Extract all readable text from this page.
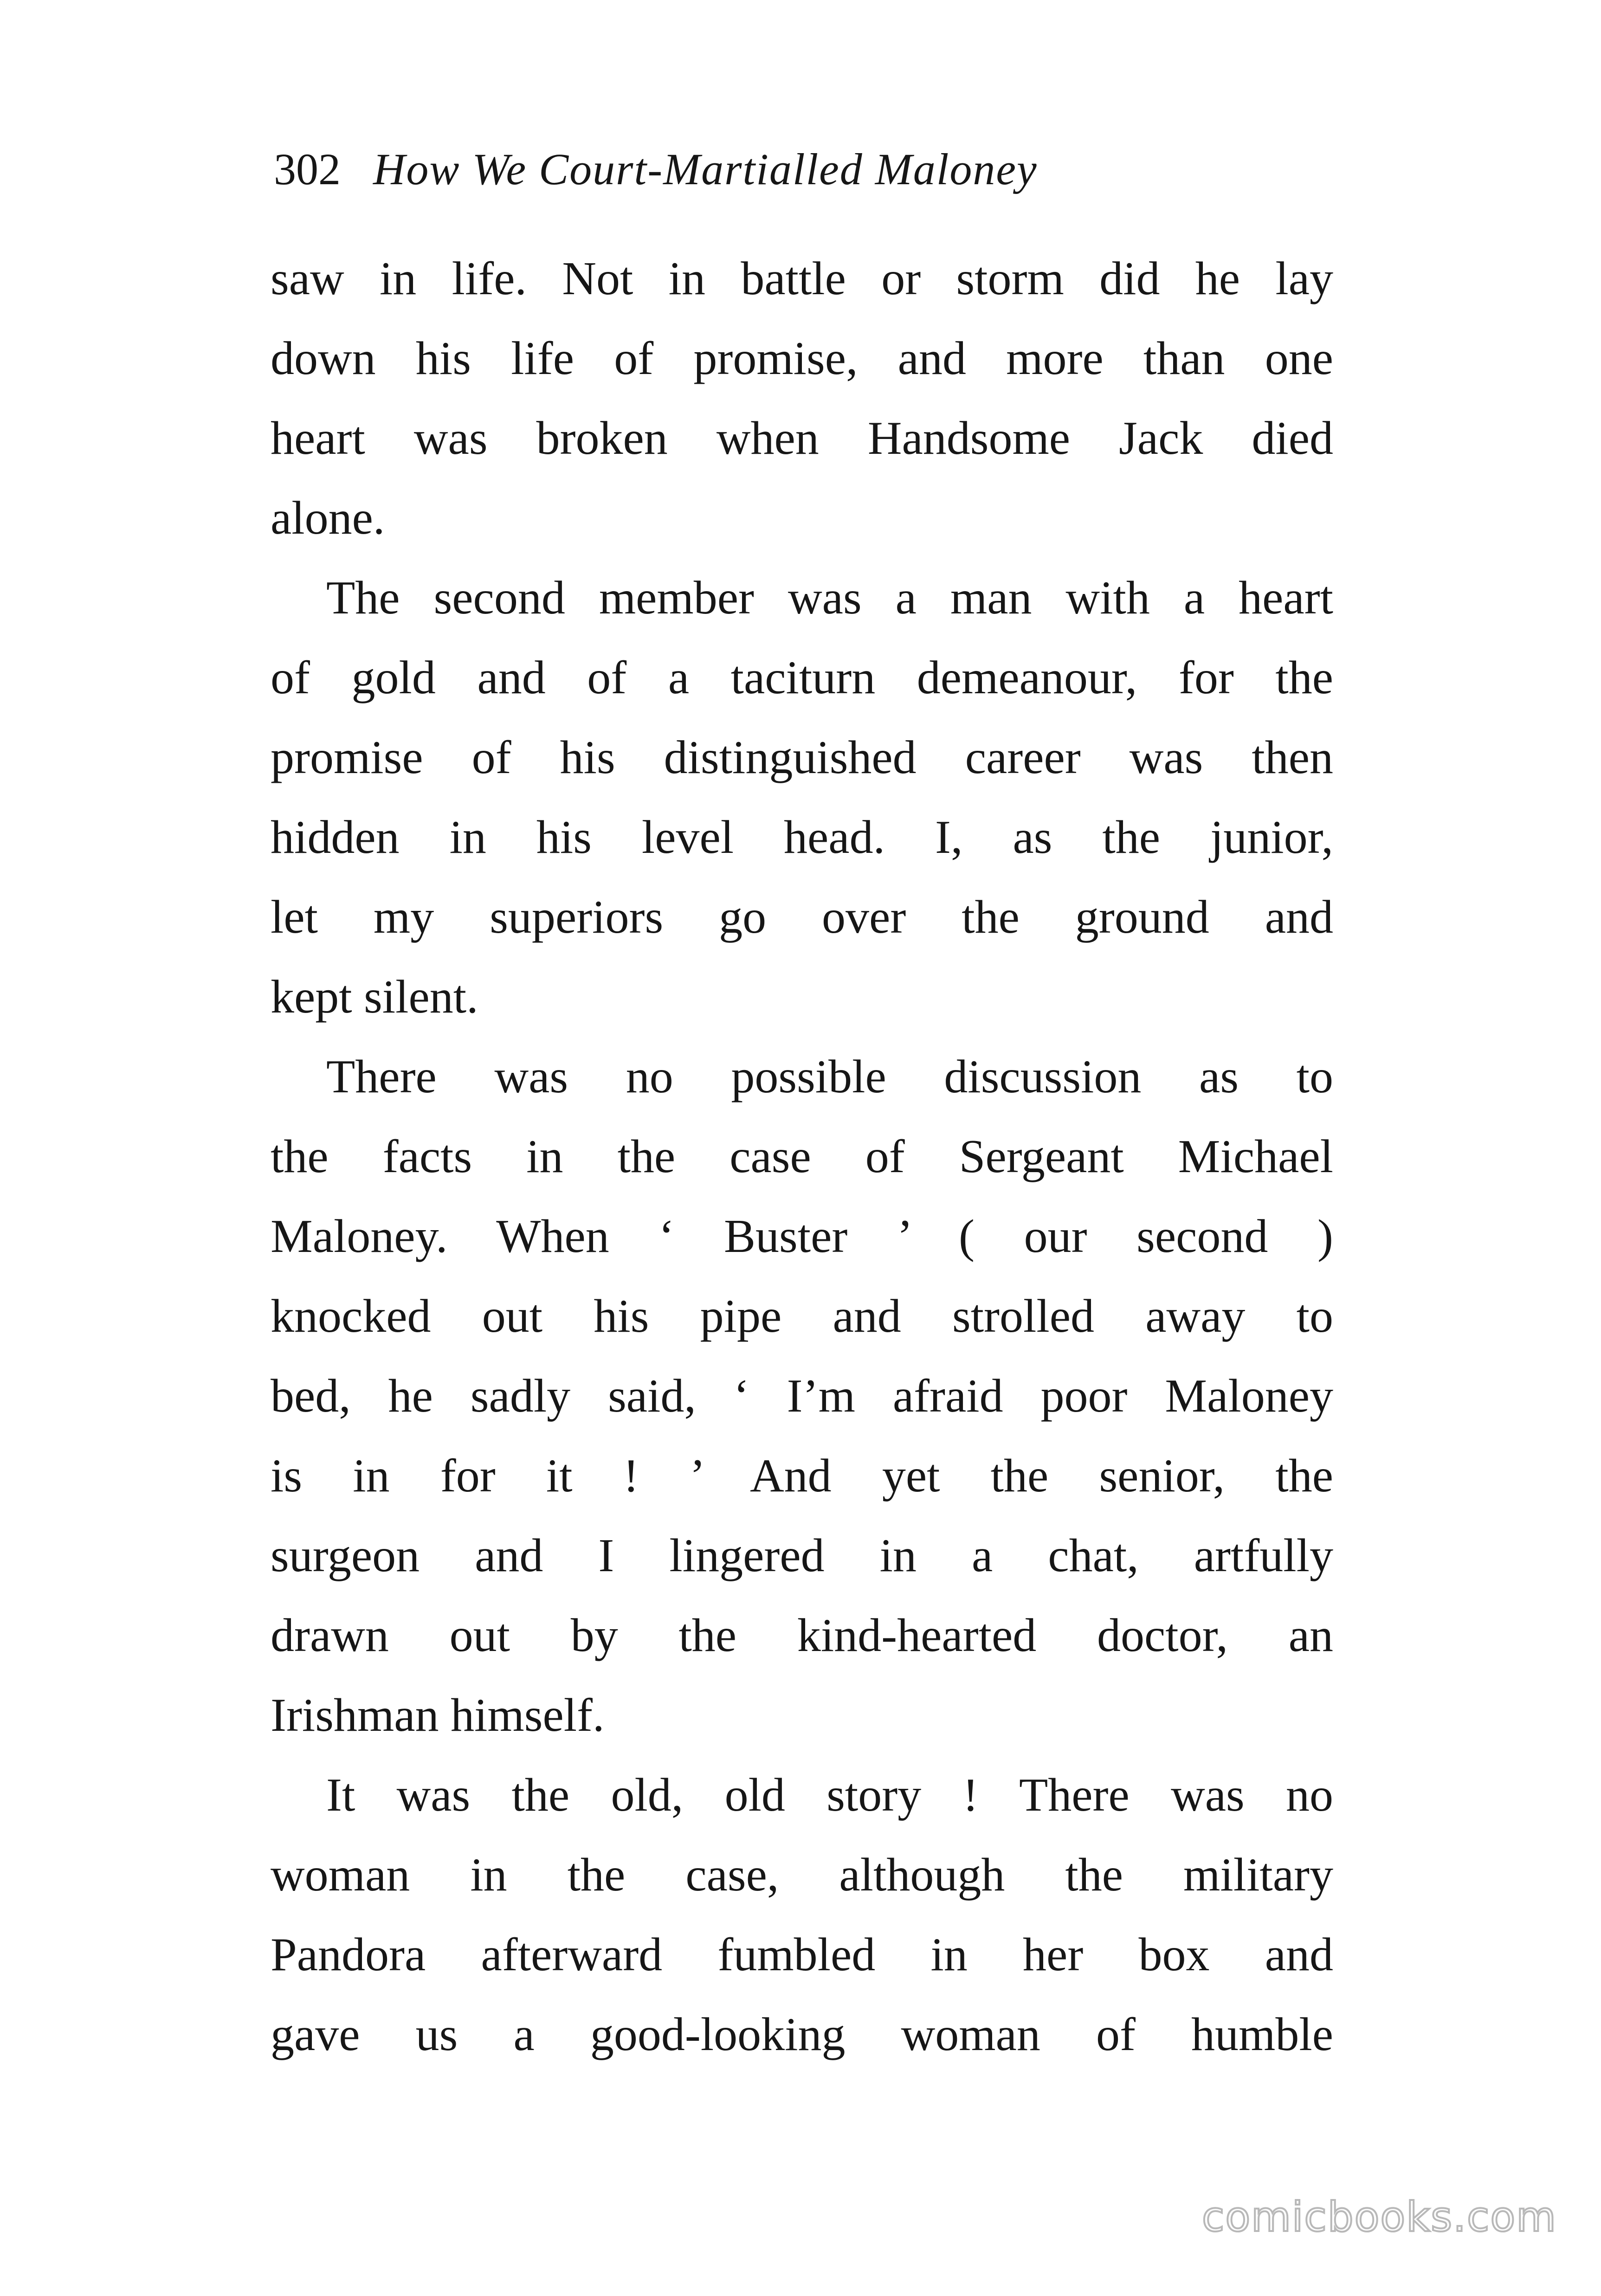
302 How We Court-Martialled Maloney
saw in life. Not in battle or storm did he lay
down his life of promise, and more than one
heart was broken when Handsome Jack died
alone.
The second member was a man with a heart
of gold and of a taciturn demeanour, for the
promise of his distinguished career was then
hidden in his level head. I, as the junior,
let my superiors go over the ground and
kept silent.
There was no possible discussion as to
the facts in the case of Sergeant Michael
Maloney. When ‘ Buster ’ ( our second )
knocked out his pipe and strolled away to
bed, he sadly said, ‘ I’m afraid poor Maloney
is in for it ! ’ And yet the senior, the
surgeon and I lingered in a chat, artfully
drawn out by the kind-hearted doctor, an
Irishman himself.
It was the old, old story ! There was no
woman in the case, although the military
Pandora afterward fumbled in her box and
gave us a good-looking woman of humble
comicbooks.com
